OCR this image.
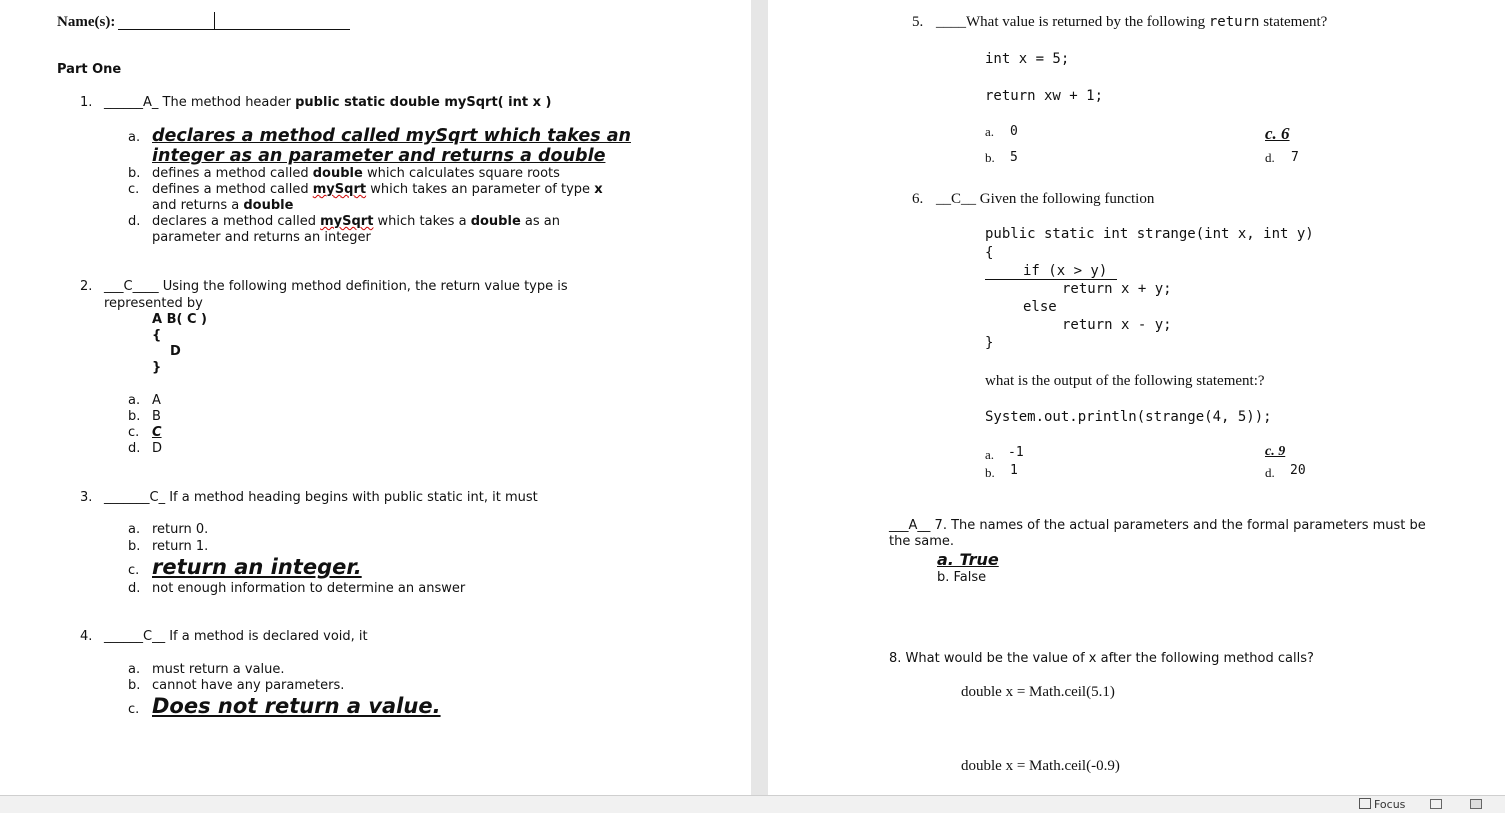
Name(s):
Part One
1. ______A_ The method header public static double mySqrt( int x )
a. declares a method called mySqrt which takes an
integer as an parameter and returns a double
b. defines a method called double which calculates square roots
c. defines a method called mySqrt which takes an parameter of type x
and returns a double
d. declares a method called mySqrt which takes a double as an
parameter and returns an integer
2. ___C____ Using the following method definition, the return value type is
represented by
A B( C )
{
D
}
a. A
b. B
c. C
d. D
3. _______C_ If a method heading begins with public static int, it must
a. return 0.
b. return 1.
c. return an integer.
d. not enough information to determine an answer
4. ______C__ If a method is declared void, it
a. must return a value.
b. cannot have any parameters.
c. Does not return a value.
5. ____What value is returned by the following return statement?
int x = 5;
return xw + 1;
a. 0
b. 5
c. 6
d. 7
6. __C__ Given the following function
public static int strange(int x, int y)
{
if (x > y)
return x + y;
else
return x - y;
}
what is the output of the following statement:?
System.out.println(strange(4, 5));
a. -1
b. 1
c. 9
d. 20
___A__ 7. The names of the actual parameters and the formal parameters must be
the same.
a. True
b. False
8. What would be the value of x after the following method calls?
double x = Math.ceil(5.1)
double x = Math.ceil(-0.9)
Focus
